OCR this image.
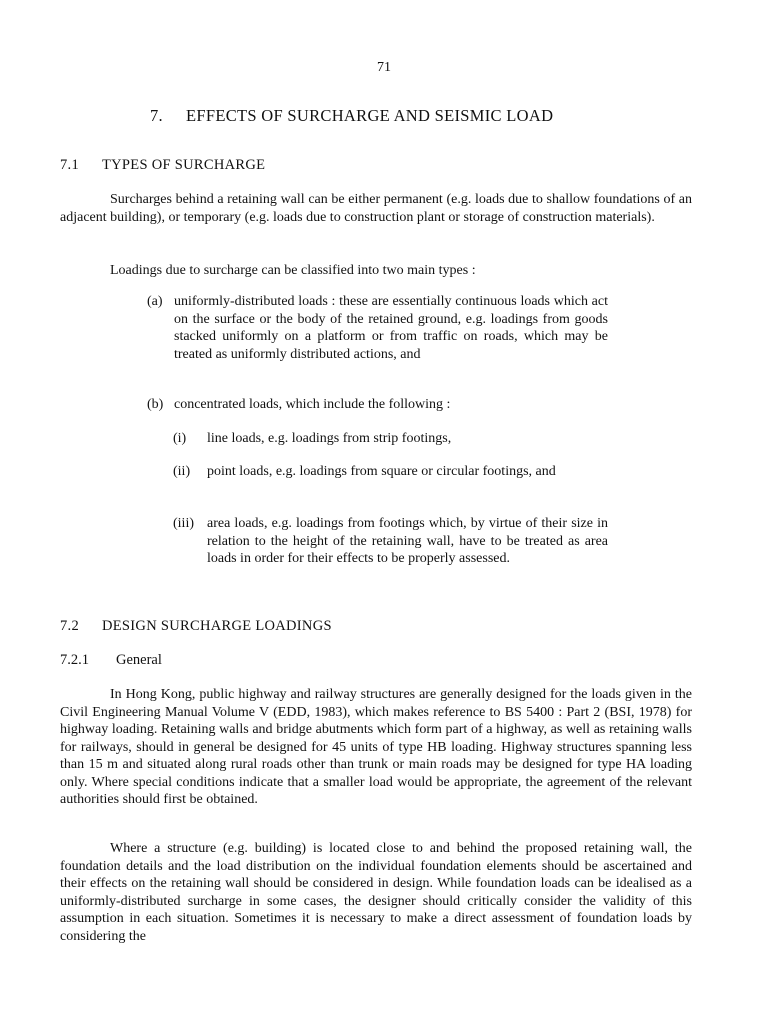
71
7. EFFECTS OF SURCHARGE AND SEISMIC LOAD
7.1 TYPES OF SURCHARGE

Surcharges behind a retaining wall can be either permanent (e.g. loads due to shallow foundations of an adjacent building), or temporary (e.g. loads due to construction plant or storage of construction materials).

Loadings due to surcharge can be classified into two main types :

(a) uniformly-distributed loads : these are essentially continuous loads which act on the surface or the body of the retained ground, e.g. loadings from goods stacked uniformly on a platform or from traffic on roads, which may be treated as uniformly distributed actions, and
(b) concentrated loads, which include the following :
(i) line loads, e.g. loadings from strip footings,
(ii) point loads, e.g. loadings from square or circular footings, and
(iii) area loads, e.g. loadings from footings which, by virtue of their size in relation to the height of the retaining wall, have to be treated as area loads in order for their effects to be properly assessed.
7.2 DESIGN SURCHARGE LOADINGS
7.2.1 General

In Hong Kong, public highway and railway structures are generally designed for the loads given in the Civil Engineering Manual Volume V (EDD, 1983), which makes reference to BS 5400 : Part 2 (BSI, 1978) for highway loading. Retaining walls and bridge abutments which form part of a highway, as well as retaining walls for railways, should in general be designed for 45 units of type HB loading. Highway structures spanning less than 15 m and situated along rural roads other than trunk or main roads may be designed for type HA loading only. Where special conditions indicate that a smaller load would be appropriate, the agreement of the relevant authorities should first be obtained.

Where a structure (e.g. building) is located close to and behind the proposed retaining wall, the foundation details and the load distribution on the individual foundation elements should be ascertained and their effects on the retaining wall should be considered in design. While foundation loads can be idealised as a uniformly-distributed surcharge in some cases, the designer should critically consider the validity of this assumption in each situation. Sometimes it is necessary to make a direct assessment of foundation loads by considering the
